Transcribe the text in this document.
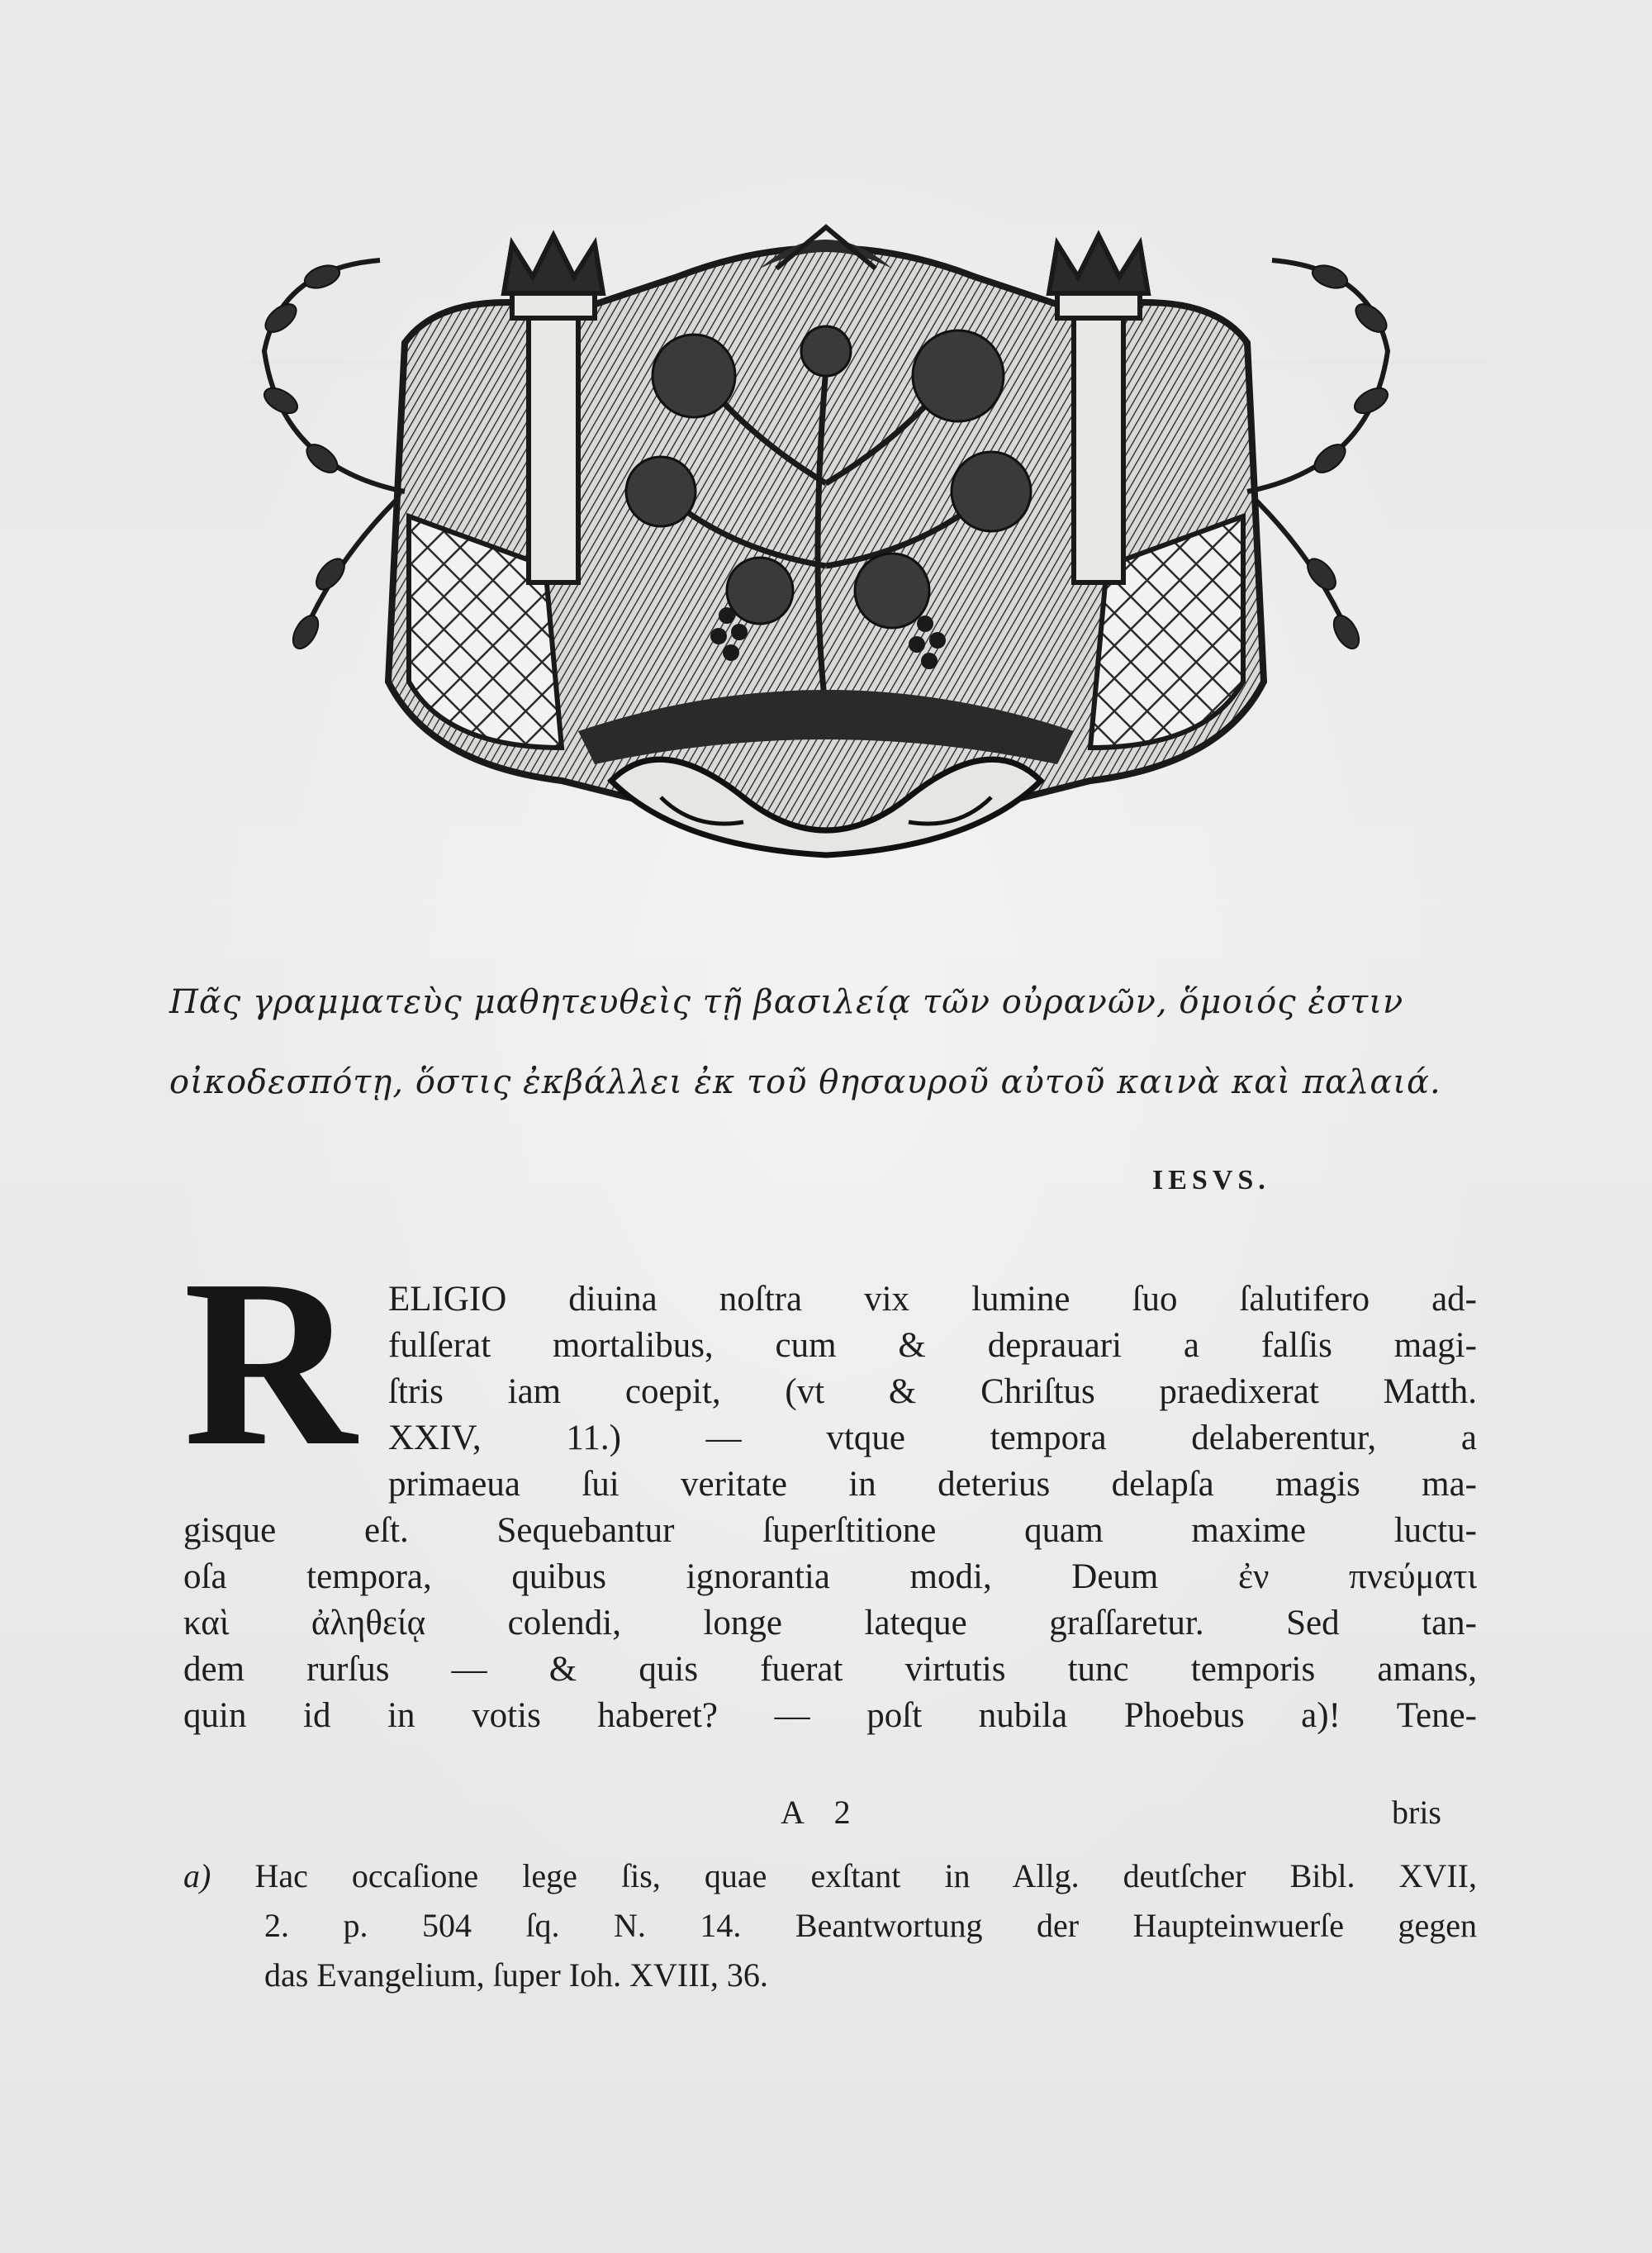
Πᾶς γραμματεὺς μαθητευθεὶς τῇ βασιλείᾳ τῶν οὐρανῶν, ὅμοιός ἐστιν
οἰκοδεσπότῃ, ὅστις ἐκβάλλει ἐκ τοῦ θησαυροῦ αὐτοῦ καινὰ καὶ παλαιά.
IESVS.
R ELIGIO diuina noſtra vix lumine ſuo ſalutifero ad-
fulſerat mortalibus, cum & deprauari a falſis magi-
ſtris iam coepit, (vt & Chriſtus praedixerat Matth.
XXIV, 11.) — vtque tempora delaberentur, a
primaeua ſui veritate in deterius delapſa magis ma-
gisque eſt. Sequebantur ſuperſtitione quam maxime luctu-
oſa tempora, quibus ignorantia modi, Deum ἐν πνεύματι
καὶ ἀληθείᾳ colendi, longe lateque graſſaretur. Sed tan-
dem rurſus — & quis fuerat virtutis tunc temporis amans,
quin id in votis haberet? — poſt nubila Phoebus a)! Tene-
A 2	bris
a) Hac occaſione lege ſis, quae exſtant in Allg. deutſcher Bibl. XVII,
2. p. 504 ſq. N. 14. Beantwortung der Haupteinwuerſe gegen
das Evangelium, ſuper Ioh. XVIII, 36.
